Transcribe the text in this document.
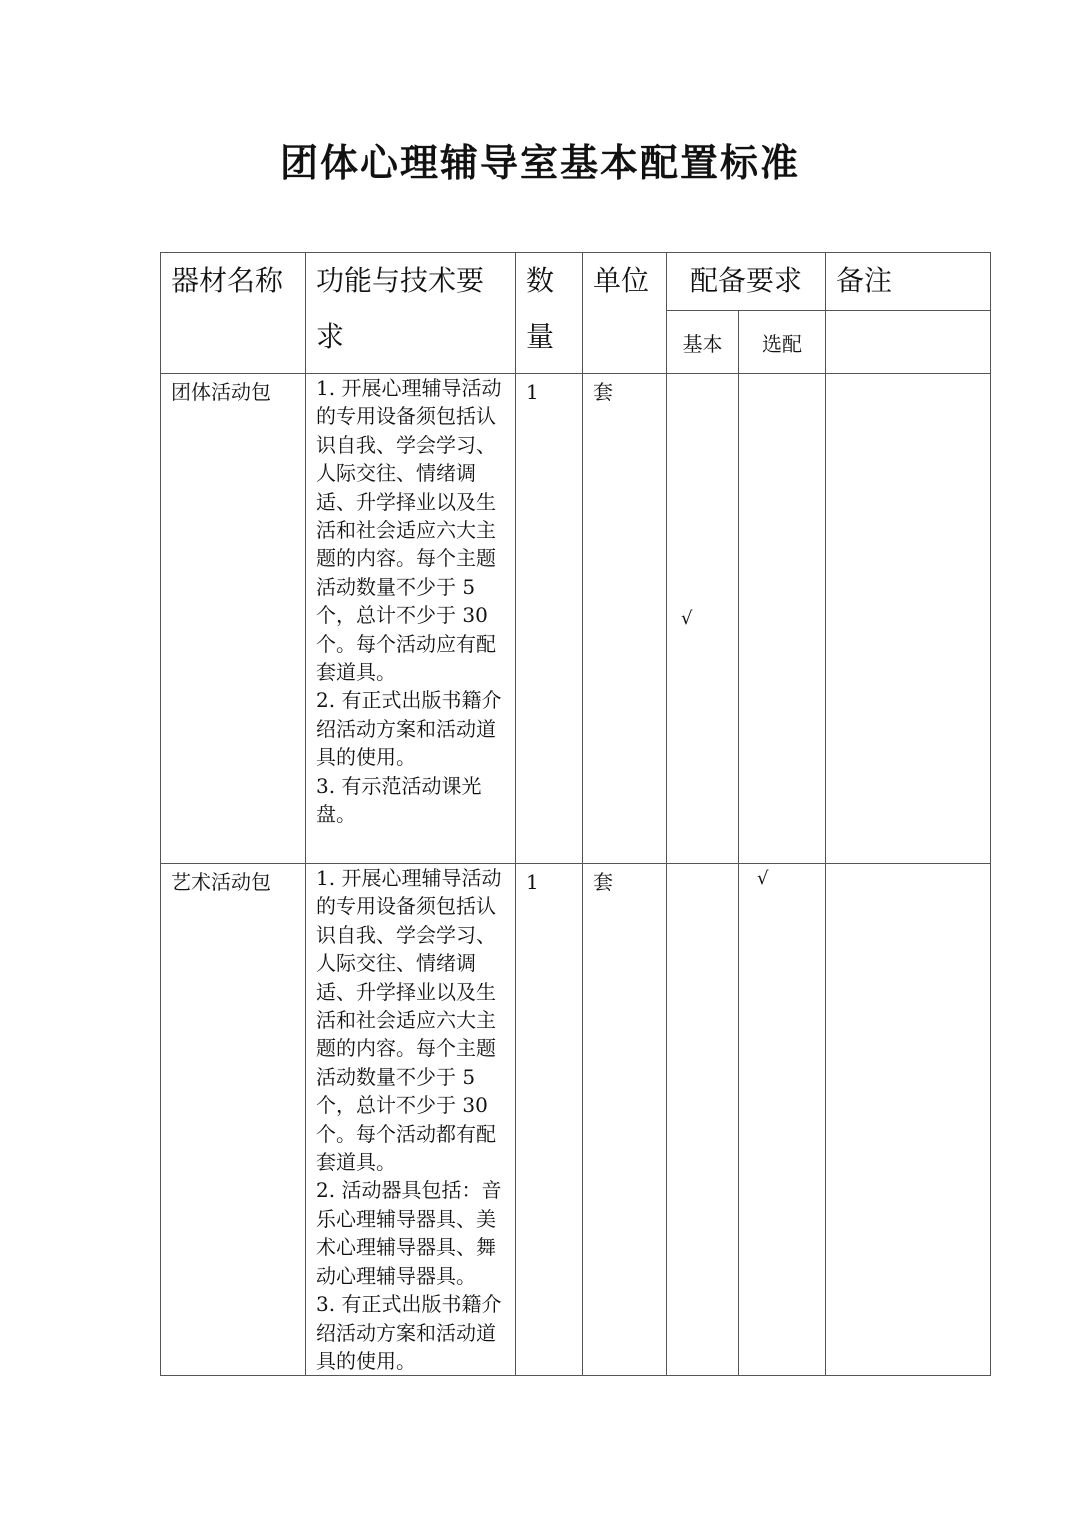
团体心理辅导室基本配置标准
器材名称	功能与技术要求	数量	单位	配备要求		备注
				基本	选配	
团体活动包	1. 开展心理辅导活动的专用设备须包括认识自我、学会学习、人际交往、情绪调适、升学择业以及生活和社会适应六大主题的内容。每个主题活动数量不少于 5 个，总计不少于 30 个。每个活动应有配套道具。

2. 有正式出版书籍介绍活动方案和活动道具的使用。

3. 有示范活动课光盘。	1	套	√		
艺术活动包	1. 开展心理辅导活动的专用设备须包括认识自我、学会学习、人际交往、情绪调适、升学择业以及生活和社会适应六大主题的内容。每个主题活动数量不少于 5 个，总计不少于 30 个。每个活动都有配套道具。

2. 活动器具包括：音乐心理辅导器具、美术心理辅导器具、舞动心理辅导器具。

3. 有正式出版书籍介绍活动方案和活动道具的使用。	1	套		√	
